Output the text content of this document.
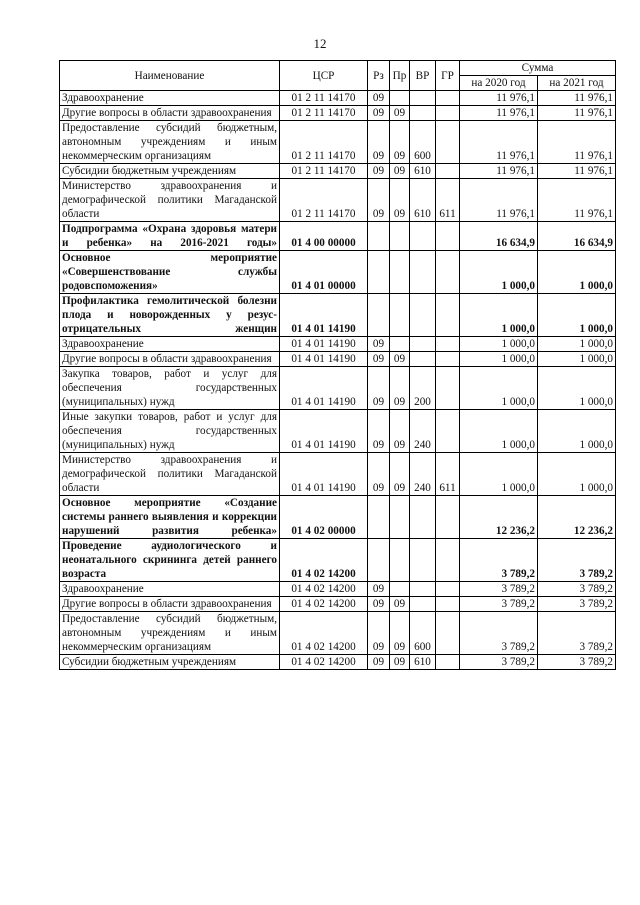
12
Наименование	ЦСР	Рз	Пр	ВР	ГР	Сумма	
						на 2020 год	на 2021 год
Здравоохранение	01 2 11 14170	09				11 976,1	11 976,1
Другие вопросы в области здравоохранения	01 2 11 14170	09	09			11 976,1	11 976,1
Предоставление субсидий бюджетным, автономным учреждениям и иным некоммерческим организациям	01 2 11 14170	09	09	600		11 976,1	11 976,1
Субсидии бюджетным учреждениям	01 2 11 14170	09	09	610		11 976,1	11 976,1
Министерство здравоохранения и демографической политики Магаданской области	01 2 11 14170	09	09	610	611	11 976,1	11 976,1
Подпрограмма «Охрана здоровья матери и ребенка» на 2016-2021 годы»	01 4 00 00000					16 634,9	16 634,9
Основное мероприятие «Совершенствование службы родовспоможения»	01 4 01 00000					1 000,0	1 000,0
Профилактика гемолитической болезни плода и новорожденных у резус-отрицательных женщин	01 4 01 14190					1 000,0	1 000,0
Здравоохранение	01 4 01 14190	09				1 000,0	1 000,0
Другие вопросы в области здравоохранения	01 4 01 14190	09	09			1 000,0	1 000,0
Закупка товаров, работ и услуг для обеспечения государственных (муниципальных) нужд	01 4 01 14190	09	09	200		1 000,0	1 000,0
Иные закупки товаров, работ и услуг для обеспечения государственных (муниципальных) нужд	01 4 01 14190	09	09	240		1 000,0	1 000,0
Министерство здравоохранения и демографической политики Магаданской области	01 4 01 14190	09	09	240	611	1 000,0	1 000,0
Основное мероприятие «Создание системы раннего выявления и коррекции нарушений развития ребенка»	01 4 02 00000					12 236,2	12 236,2
Проведение аудиологического и неонатального скрининга детей раннего возраста	01 4 02 14200					3 789,2	3 789,2
Здравоохранение	01 4 02 14200	09				3 789,2	3 789,2
Другие вопросы в области здравоохранения	01 4 02 14200	09	09			3 789,2	3 789,2
Предоставление субсидий бюджетным, автономным учреждениям и иным некоммерческим организациям	01 4 02 14200	09	09	600		3 789,2	3 789,2
Субсидии бюджетным учреждениям	01 4 02 14200	09	09	610		3 789,2	3 789,2
